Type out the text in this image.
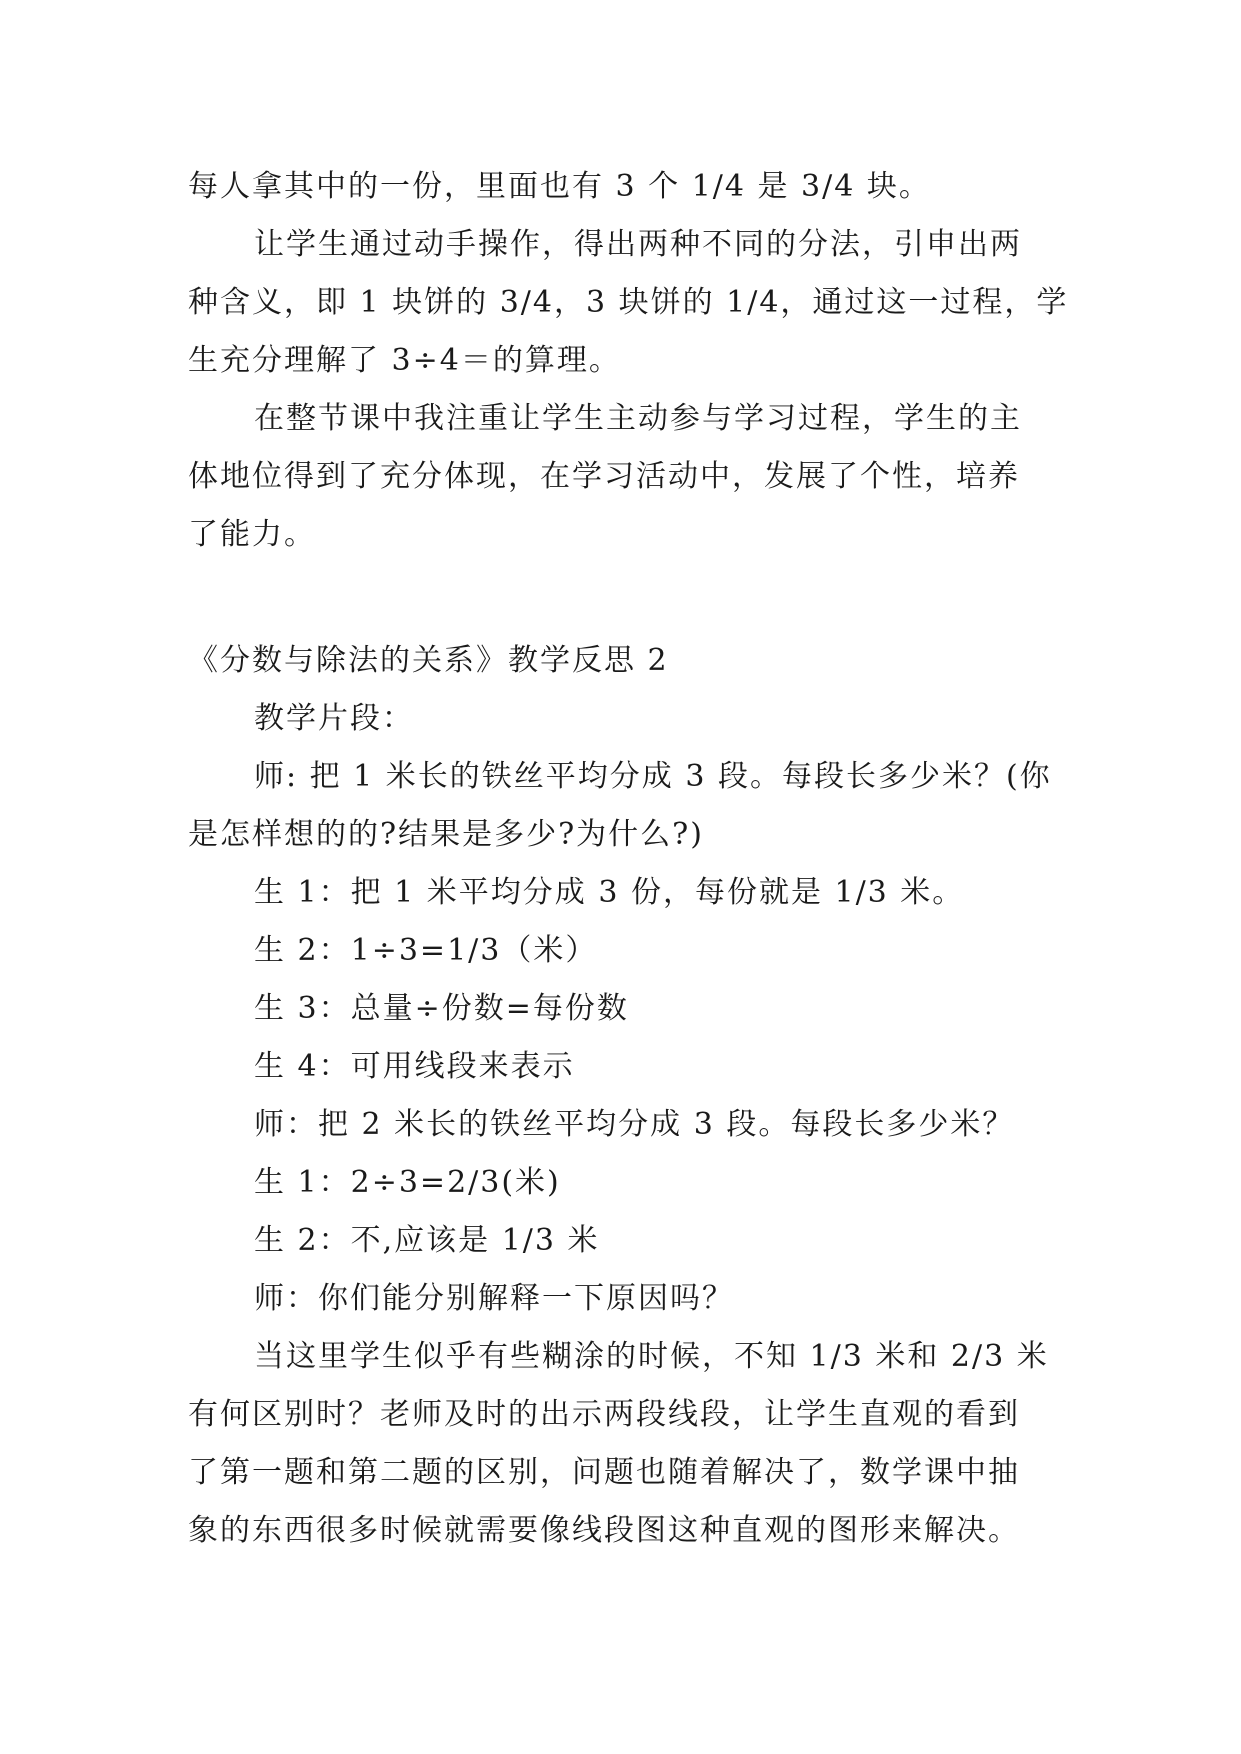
每人拿其中的一份，里面也有 3 个 1/4 是 3/4 块。
让学生通过动手操作，得出两种不同的分法，引申出两
种含义，即 1 块饼的 3/4，3 块饼的 1/4，通过这一过程，学
生充分理解了 3÷4＝的算理。
在整节课中我注重让学生主动参与学习过程，学生的主
体地位得到了充分体现，在学习活动中，发展了个性，培养
了能力。
《分数与除法的关系》教学反思 2
教学片段：
师: 把 1 米长的铁丝平均分成 3 段。每段长多少米？(你
是怎样想的的?结果是多少?为什么?)
生 1：把 1 米平均分成 3 份，每份就是 1/3 米。
生 2：1÷3=1/3（米）
生 3：总量÷份数=每份数
生 4：可用线段来表示
师：把 2 米长的铁丝平均分成 3 段。每段长多少米？
生 1：2÷3=2/3(米)
生 2：不,应该是 1/3 米
师：你们能分别解释一下原因吗？
当这里学生似乎有些糊涂的时候，不知 1/3 米和 2/3 米
有何区别时？老师及时的出示两段线段，让学生直观的看到
了第一题和第二题的区别，问题也随着解决了，数学课中抽
象的东西很多时候就需要像线段图这种直观的图形来解决。
